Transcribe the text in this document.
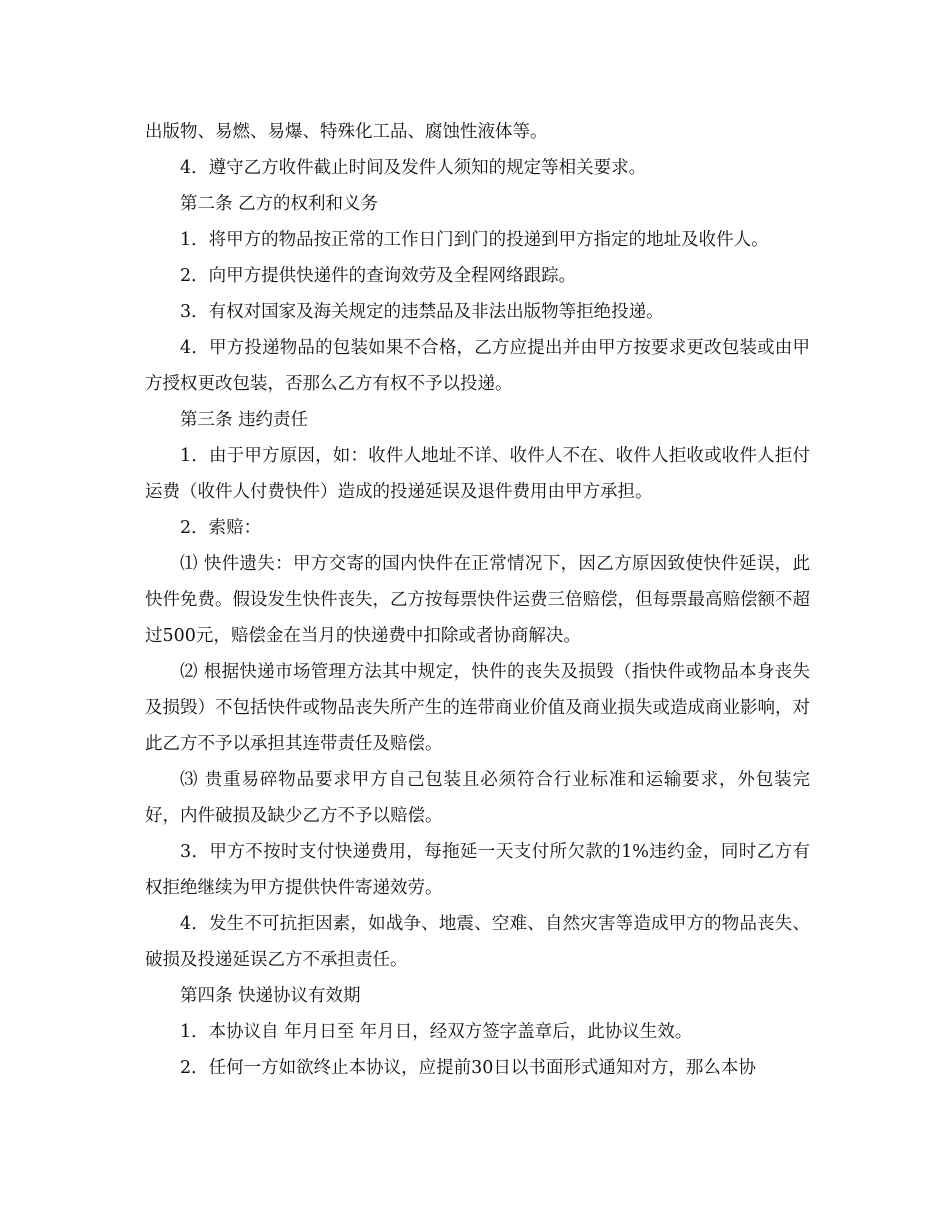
出版物、易燃、易爆、特殊化工品、腐蚀性液体等。

4．遵守乙方收件截止时间及发件人须知的规定等相关要求。

第二条 乙方的权利和义务

1．将甲方的物品按正常的工作日门到门的投递到甲方指定的地址及收件人。

2．向甲方提供快递件的查询效劳及全程网络跟踪。

3．有权对国家及海关规定的违禁品及非法出版物等拒绝投递。

4．甲方投递物品的包装如果不合格，乙方应提出并由甲方按要求更改包装或由甲方授权更改包装，否那么乙方有权不予以投递。

第三条 违约责任

1．由于甲方原因，如：收件人地址不详、收件人不在、收件人拒收或收件人拒付运费（收件人付费快件）造成的投递延误及退件费用由甲方承担。

2．索赔：

⑴ 快件遗失：甲方交寄的国内快件在正常情况下，因乙方原因致使快件延误，此快件免费。假设发生快件丧失，乙方按每票快件运费三倍赔偿，但每票最高赔偿额不超过500元，赔偿金在当月的快递费中扣除或者协商解决。

⑵ 根据快递市场管理方法其中规定，快件的丧失及损毁（指快件或物品本身丧失及损毁）不包括快件或物品丧失所产生的连带商业价值及商业损失或造成商业影响，对此乙方不予以承担其连带责任及赔偿。

⑶ 贵重易碎物品要求甲方自己包装且必须符合行业标准和运输要求，外包装完好，内件破损及缺少乙方不予以赔偿。

3．甲方不按时支付快递费用，每拖延一天支付所欠款的1%违约金，同时乙方有权拒绝继续为甲方提供快件寄递效劳。

4．发生不可抗拒因素，如战争、地震、空难、自然灾害等造成甲方的物品丧失、破损及投递延误乙方不承担责任。

第四条 快递协议有效期

1．本协议自 年月日至 年月日，经双方签字盖章后，此协议生效。

2．任何一方如欲终止本协议，应提前30日以书面形式通知对方，那么本协
